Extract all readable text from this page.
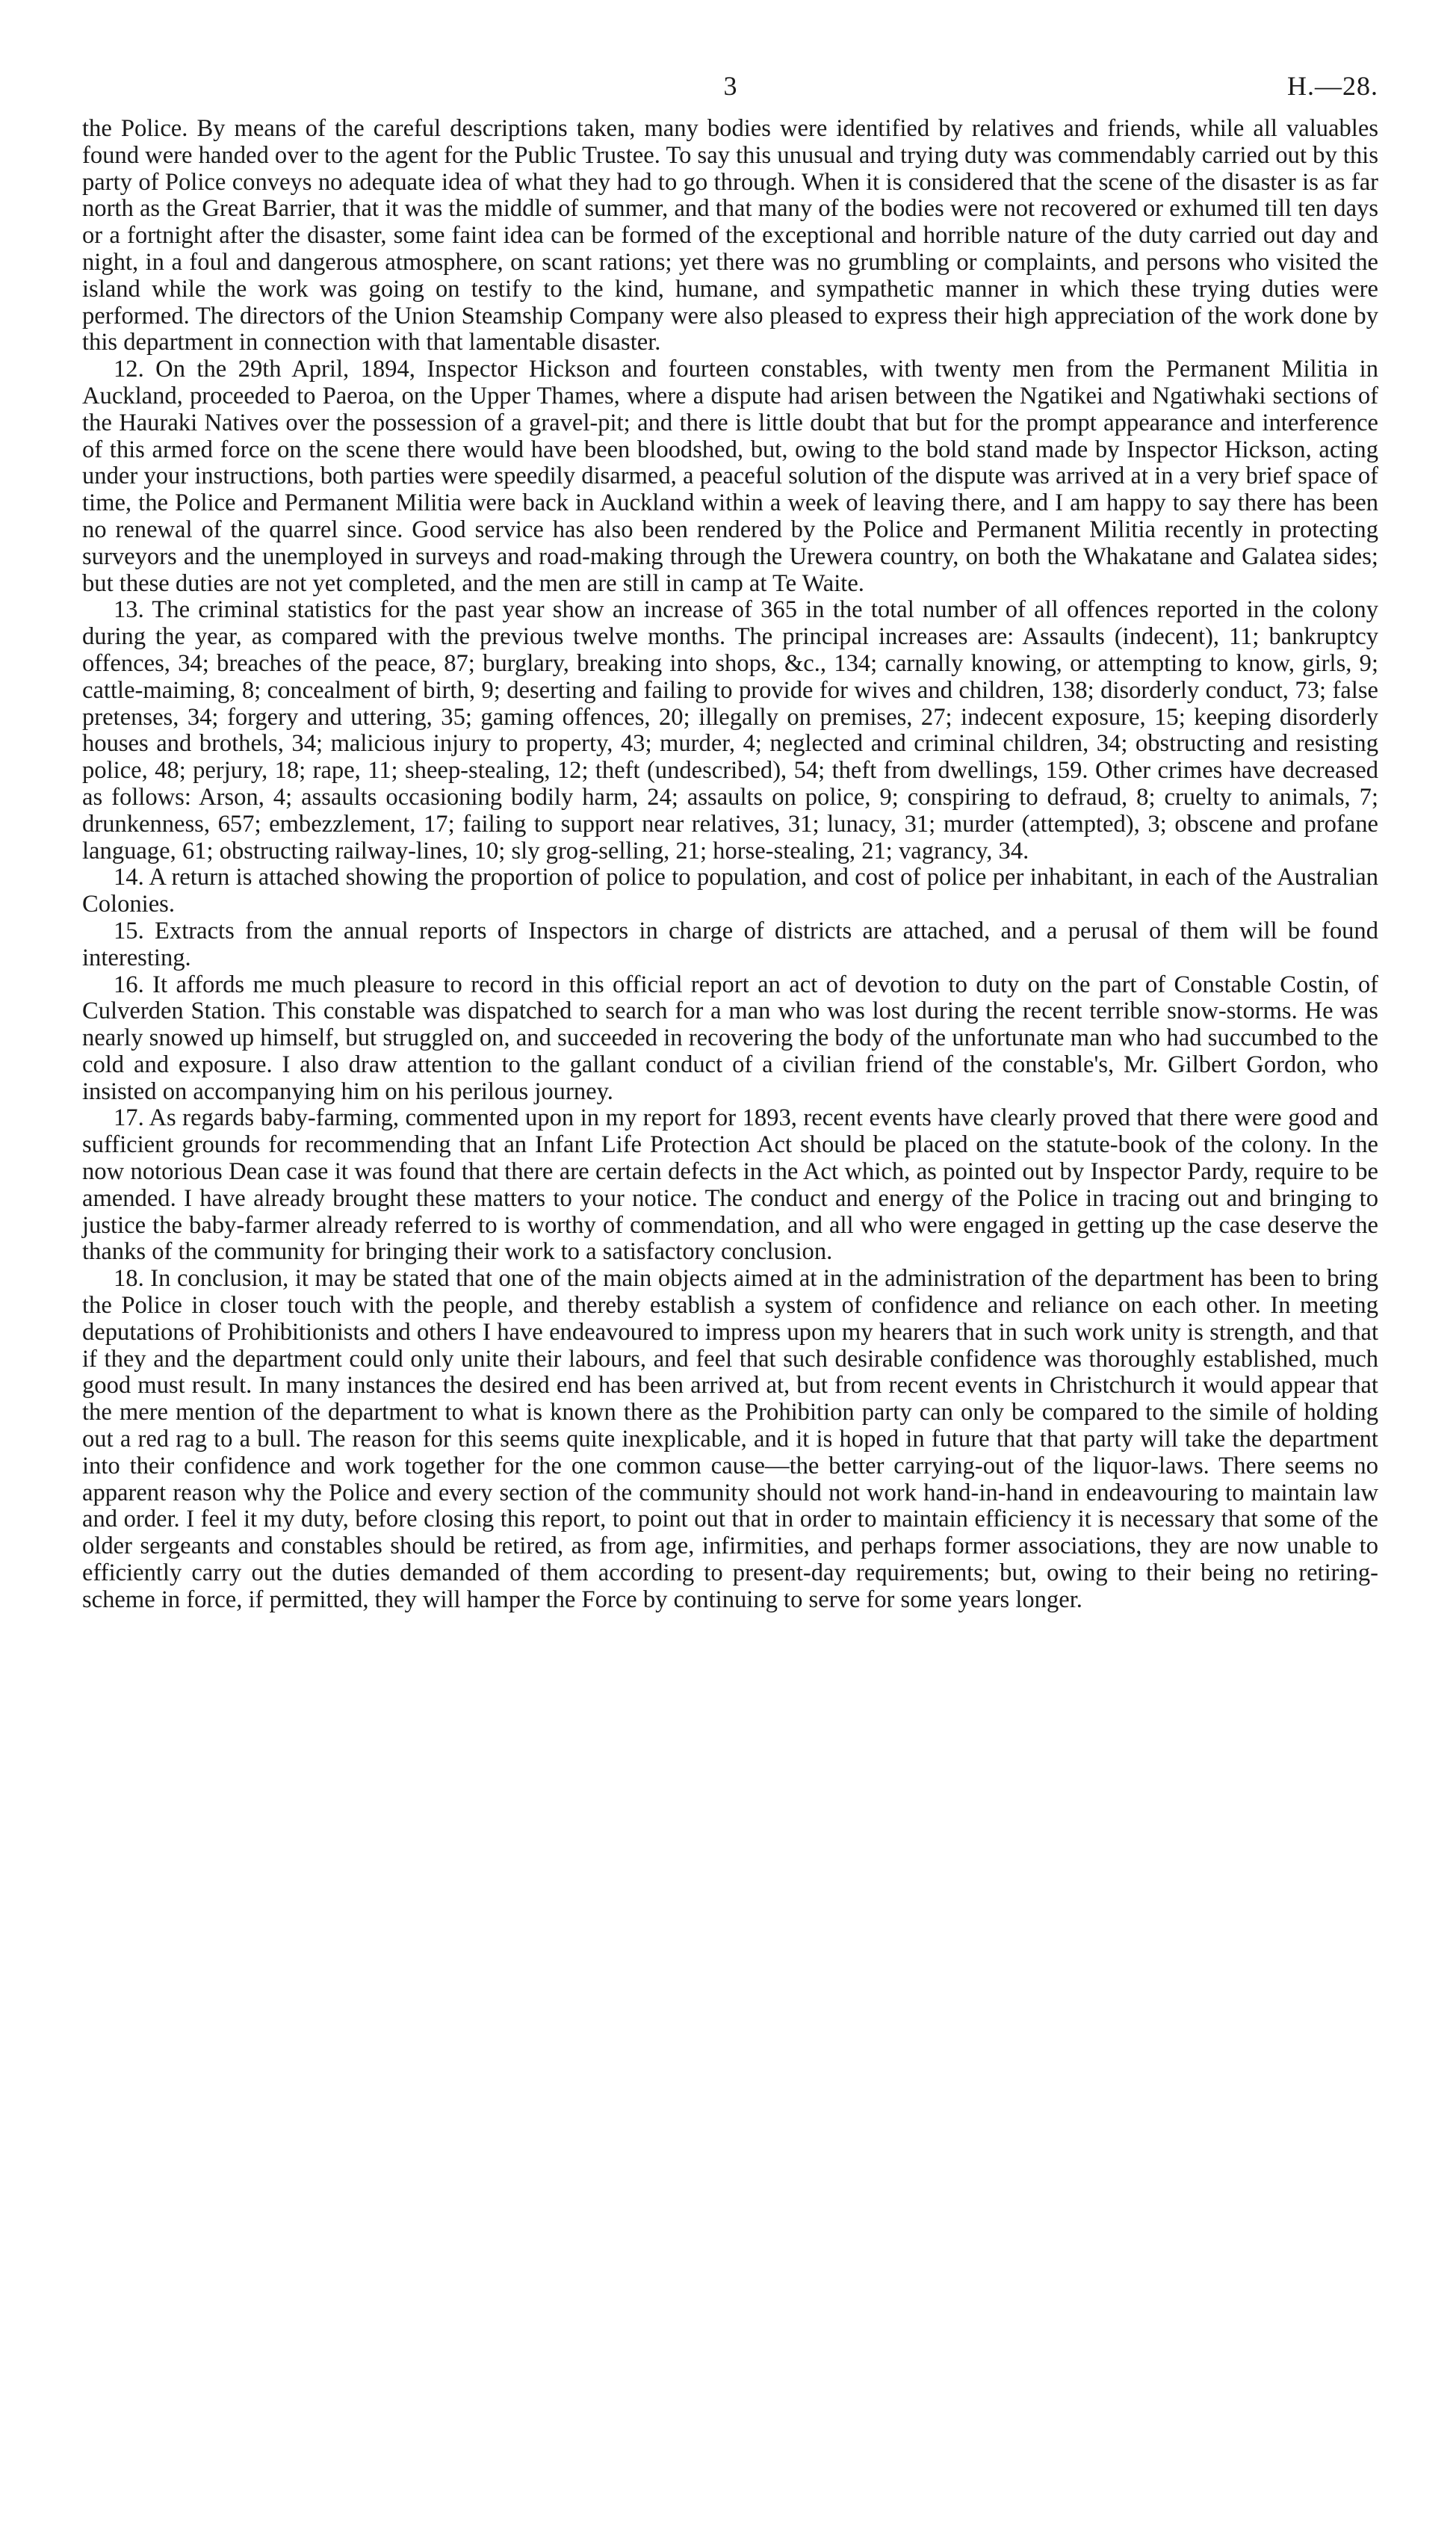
3	H.—28.

the Police. By means of the careful descriptions taken, many bodies were identified by relatives and friends, while all valuables found were handed over to the agent for the Public Trustee. To say this unusual and trying duty was commendably carried out by this party of Police conveys no adequate idea of what they had to go through. When it is considered that the scene of the disaster is as far north as the Great Barrier, that it was the middle of summer, and that many of the bodies were not recovered or exhumed till ten days or a fortnight after the disaster, some faint idea can be formed of the exceptional and horrible nature of the duty carried out day and night, in a foul and dangerous atmosphere, on scant rations; yet there was no grumbling or complaints, and persons who visited the island while the work was going on testify to the kind, humane, and sympathetic manner in which these trying duties were performed. The directors of the Union Steamship Company were also pleased to express their high appreciation of the work done by this department in connection with that lamentable disaster.

12. On the 29th April, 1894, Inspector Hickson and fourteen constables, with twenty men from the Permanent Militia in Auckland, proceeded to Paeroa, on the Upper Thames, where a dispute had arisen between the Ngatikei and Ngatiwhaki sections of the Hauraki Natives over the possession of a gravel-pit; and there is little doubt that but for the prompt appearance and interference of this armed force on the scene there would have been bloodshed, but, owing to the bold stand made by Inspector Hickson, acting under your instructions, both parties were speedily disarmed, a peaceful solution of the dispute was arrived at in a very brief space of time, the Police and Permanent Militia were back in Auckland within a week of leaving there, and I am happy to say there has been no renewal of the quarrel since. Good service has also been rendered by the Police and Permanent Militia recently in protecting surveyors and the unemployed in surveys and road-making through the Urewera country, on both the Whakatane and Galatea sides; but these duties are not yet completed, and the men are still in camp at Te Waite.

13. The criminal statistics for the past year show an increase of 365 in the total number of all offences reported in the colony during the year, as compared with the previous twelve months. The principal increases are: Assaults (indecent), 11; bankruptcy offences, 34; breaches of the peace, 87; burglary, breaking into shops, &c., 134; carnally knowing, or attempting to know, girls, 9; cattle-maiming, 8; concealment of birth, 9; deserting and failing to provide for wives and children, 138; disorderly conduct, 73; false pretenses, 34; forgery and uttering, 35; gaming offences, 20; illegally on premises, 27; indecent exposure, 15; keeping disorderly houses and brothels, 34; malicious injury to property, 43; murder, 4; neglected and criminal children, 34; obstructing and resisting police, 48; perjury, 18; rape, 11; sheep-stealing, 12; theft (undescribed), 54; theft from dwellings, 159. Other crimes have decreased as follows: Arson, 4; assaults occasioning bodily harm, 24; assaults on police, 9; conspiring to defraud, 8; cruelty to animals, 7; drunkenness, 657; embezzlement, 17; failing to support near relatives, 31; lunacy, 31; murder (attempted), 3; obscene and profane language, 61; obstructing railway-lines, 10; sly grog-selling, 21; horse-stealing, 21; vagrancy, 34.

14. A return is attached showing the proportion of police to population, and cost of police per inhabitant, in each of the Australian Colonies.

15. Extracts from the annual reports of Inspectors in charge of districts are attached, and a perusal of them will be found interesting.

16. It affords me much pleasure to record in this official report an act of devotion to duty on the part of Constable Costin, of Culverden Station. This constable was dispatched to search for a man who was lost during the recent terrible snow-storms. He was nearly snowed up himself, but struggled on, and succeeded in recovering the body of the unfortunate man who had succumbed to the cold and exposure. I also draw attention to the gallant conduct of a civilian friend of the constable's, Mr. Gilbert Gordon, who insisted on accompanying him on his perilous journey.

17. As regards baby-farming, commented upon in my report for 1893, recent events have clearly proved that there were good and sufficient grounds for recommending that an Infant Life Protection Act should be placed on the statute-book of the colony. In the now notorious Dean case it was found that there are certain defects in the Act which, as pointed out by Inspector Pardy, require to be amended. I have already brought these matters to your notice. The conduct and energy of the Police in tracing out and bringing to justice the baby-farmer already referred to is worthy of commendation, and all who were engaged in getting up the case deserve the thanks of the community for bringing their work to a satisfactory conclusion.

18. In conclusion, it may be stated that one of the main objects aimed at in the administration of the department has been to bring the Police in closer touch with the people, and thereby establish a system of confidence and reliance on each other. In meeting deputations of Prohibitionists and others I have endeavoured to impress upon my hearers that in such work unity is strength, and that if they and the department could only unite their labours, and feel that such desirable confidence was thoroughly established, much good must result. In many instances the desired end has been arrived at, but from recent events in Christchurch it would appear that the mere mention of the department to what is known there as the Prohibition party can only be compared to the simile of holding out a red rag to a bull. The reason for this seems quite inexplicable, and it is hoped in future that that party will take the department into their confidence and work together for the one common cause—the better carrying-out of the liquor-laws. There seems no apparent reason why the Police and every section of the community should not work hand-in-hand in endeavouring to maintain law and order. I feel it my duty, before closing this report, to point out that in order to maintain efficiency it is necessary that some of the older sergeants and constables should be retired, as from age, infirmities, and perhaps former associations, they are now unable to efficiently carry out the duties demanded of them according to present-day requirements; but, owing to their being no retiring-scheme in force, if permitted, they will hamper the Force by continuing to serve for some years longer.
